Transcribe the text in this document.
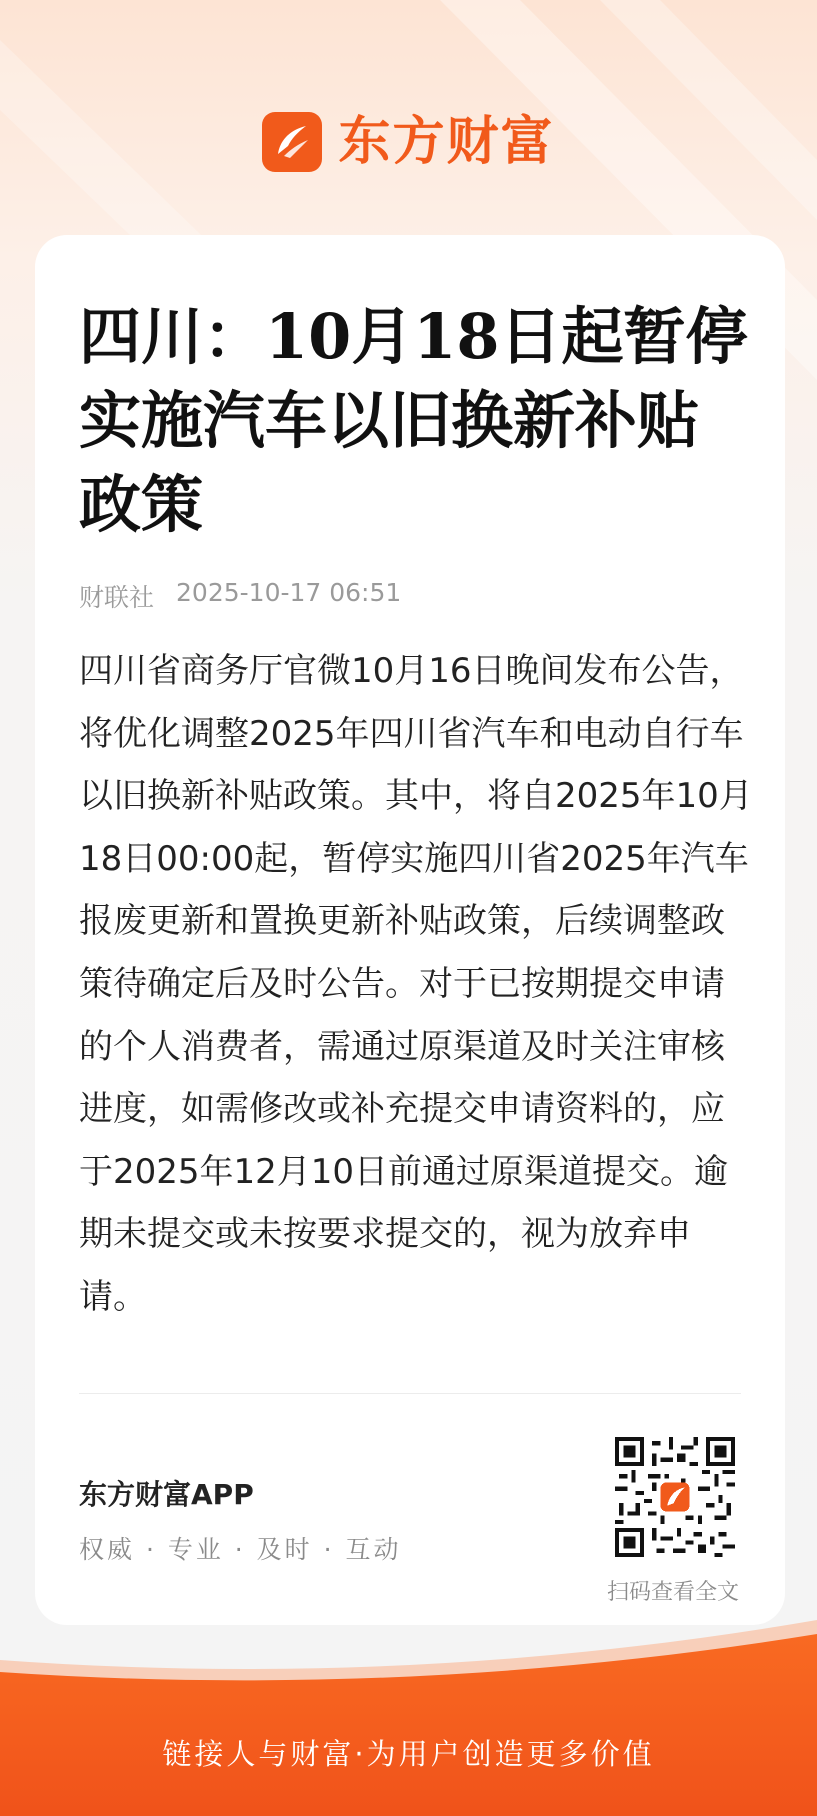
东方财富
四川：10月18日起暂停实施汽车以旧换新补贴政策
财联社 2025-10-17 06:51

四川省商务厅官微10月16日晚间发布公告，将优化调整2025年四川省汽车和电动自行车以旧换新补贴政策。其中，将自2025年10月18日00:00起，暂停实施四川省2025年汽车报废更新和置换更新补贴政策，后续调整政策待确定后及时公告。对于已按期提交申请的个人消费者，需通过原渠道及时关注审核进度，如需修改或补充提交申请资料的，应于2025年12月10日前通过原渠道提交。逾期未提交或未按要求提交的，视为放弃申请。

东方财富APP
权威 · 专业 · 及时 · 互动
扫码查看全文
链接人与财富·为用户创造更多价值
